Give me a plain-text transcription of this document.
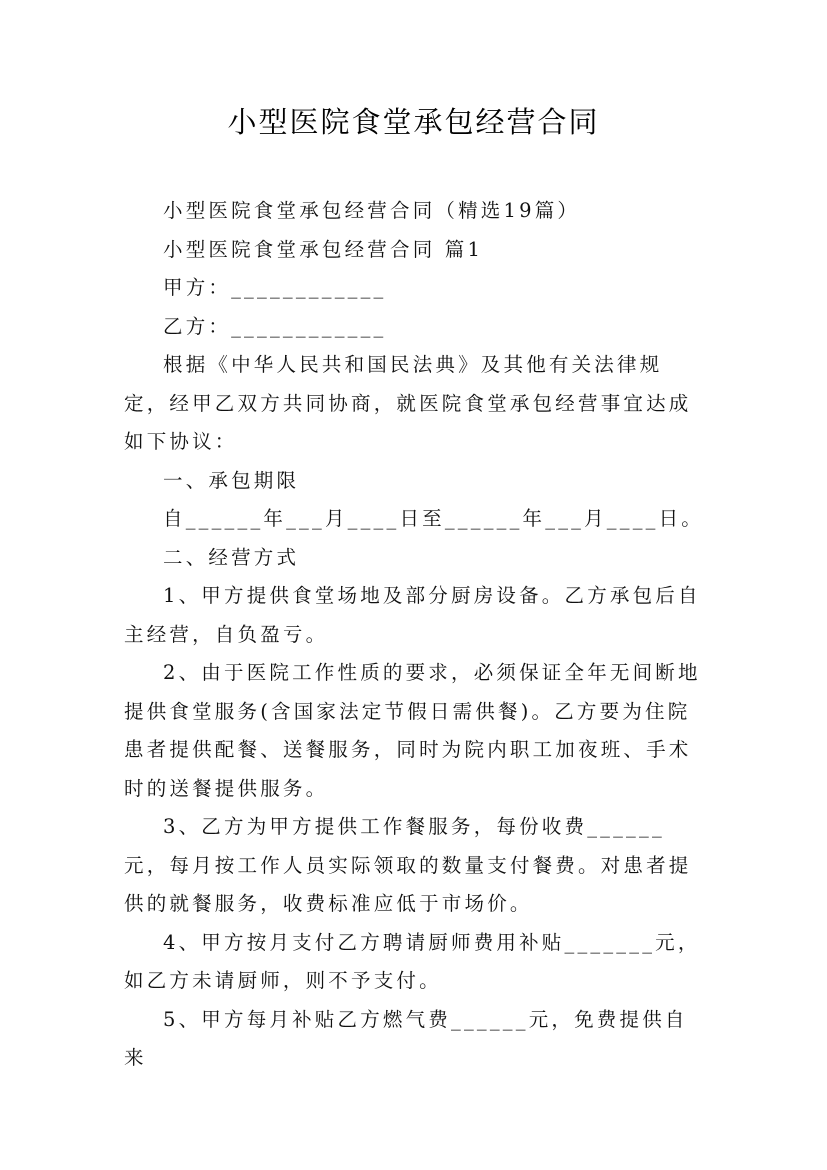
小型医院食堂承包经营合同

小型医院食堂承包经营合同（精选19篇）

小型医院食堂承包经营合同 篇1

甲方：____________

乙方：____________

根据《中华人民共和国民法典》及其他有关法律规定，经甲乙双方共同协商，就医院食堂承包经营事宜达成如下协议：

一、承包期限

自______年___月____日至______年___月____日。

二、经营方式

1、甲方提供食堂场地及部分厨房设备。乙方承包后自主经营，自负盈亏。

2、由于医院工作性质的要求，必须保证全年无间断地提供食堂服务(含国家法定节假日需供餐)。乙方要为住院患者提供配餐、送餐服务，同时为院内职工加夜班、手术时的送餐提供服务。

3、乙方为甲方提供工作餐服务，每份收费______元，每月按工作人员实际领取的数量支付餐费。对患者提供的就餐服务，收费标准应低于市场价。

4、甲方按月支付乙方聘请厨师费用补贴_______元，如乙方未请厨师，则不予支付。

5、甲方每月补贴乙方燃气费______元，免费提供自来
